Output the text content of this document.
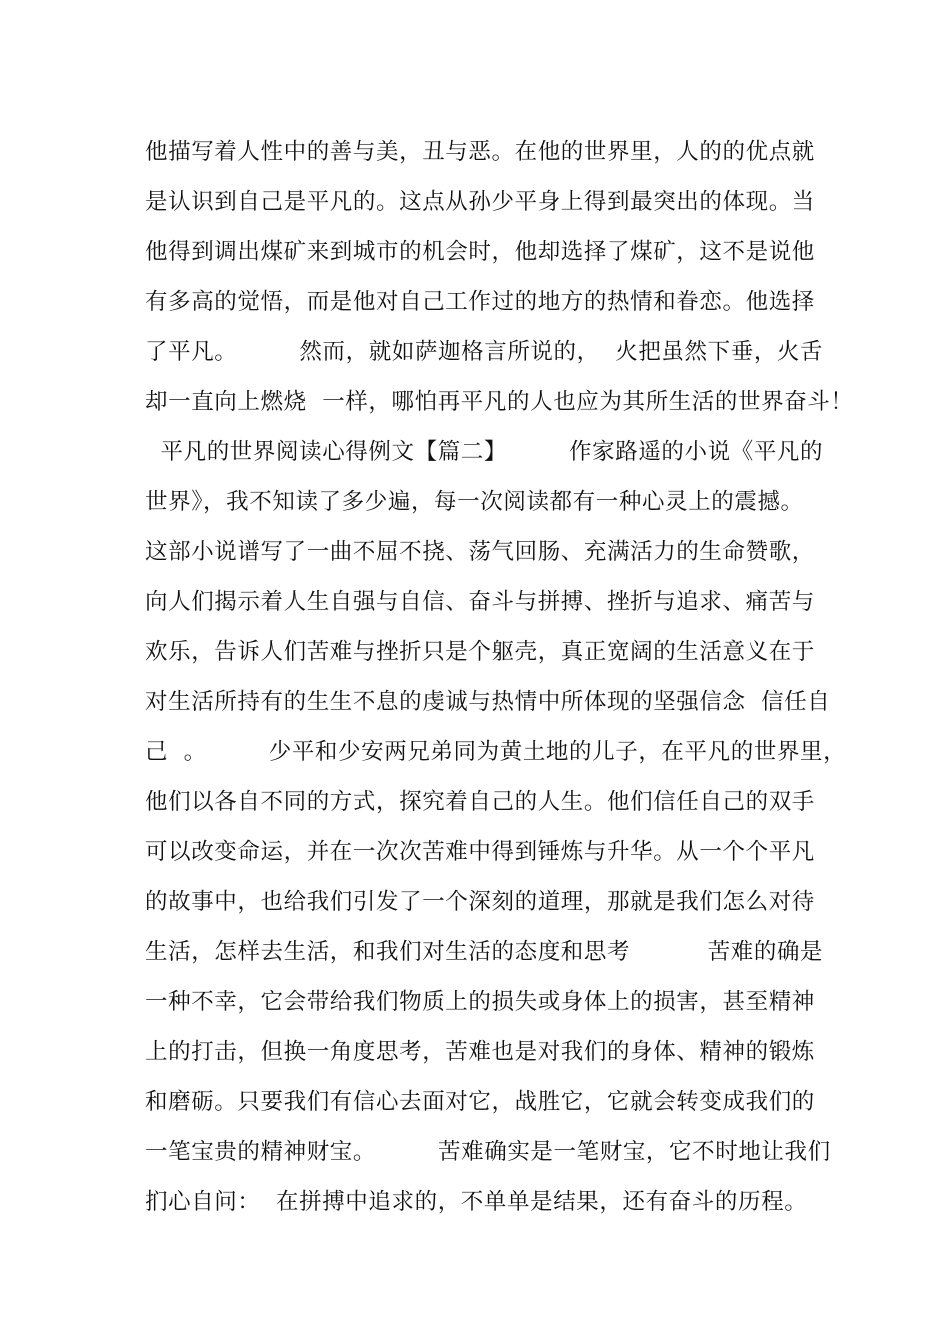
他描写着人性中的善与美，丑与恶。在他的世界里，人的的优点就
是认识到自己是平凡的。这点从孙少平身上得到最突出的体现。当
他得到调出煤矿来到城市的机会时，他却选择了煤矿，这不是说他
有多高的觉悟，而是他对自己工作过的地方的热情和眷恋。他选择
了平凡。        然而，就如萨迦格言所说的，  火把虽然下垂，火舌
却一直向上燃烧  一样，哪怕再平凡的人也应为其所生活的世界奋斗！
平凡的世界阅读心得例文【篇二】        作家路遥的小说《平凡的
世界》，我不知读了多少遍，每一次阅读都有一种心灵上的震撼。
这部小说谱写了一曲不屈不挠、荡气回肠、充满活力的生命赞歌，
向人们揭示着人生自强与自信、奋斗与拼搏、挫折与追求、痛苦与
欢乐，告诉人们苦难与挫折只是个躯壳，真正宽阔的生活意义在于
对生活所持有的生生不息的虔诚与热情中所体现的坚强信念  信任自
己  。        少平和少安两兄弟同为黄土地的儿子，在平凡的世界里，
他们以各自不同的方式，探究着自己的人生。他们信任自己的双手
可以改变命运，并在一次次苦难中得到锤炼与升华。从一个个平凡
的故事中，也给我们引发了一个深刻的道理，那就是我们怎么对待
生活，怎样去生活，和我们对生活的态度和思考          苦难的确是
一种不幸，它会带给我们物质上的损失或身体上的损害，甚至精神
上的打击，但换一角度思考，苦难也是对我们的身体、精神的锻炼
和磨砺。只要我们有信心去面对它，战胜它，它就会转变成我们的
一笔宝贵的精神财宝。        苦难确实是一笔财宝，它不时地让我们
扪心自问：  在拼搏中追求的，不单单是结果，还有奋斗的历程。
